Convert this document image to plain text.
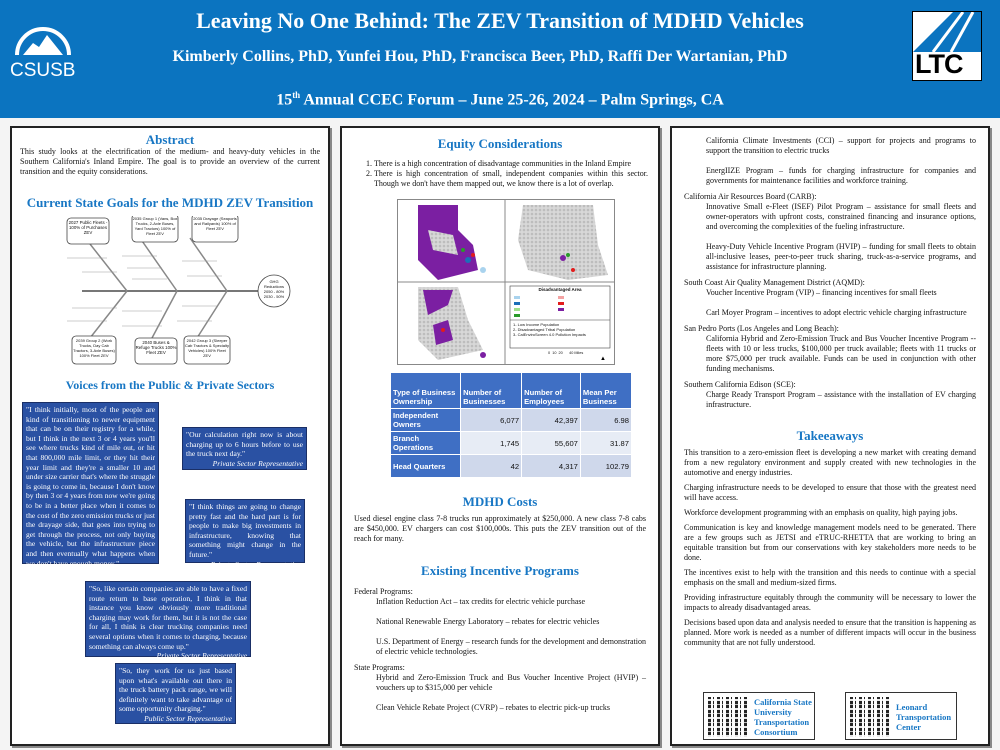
CSUSB
Leaving No One Behind: The ZEV Transition of MDHD Vehicles
Kimberly Collins, PhD, Yunfei Hou, PhD, Francisca Beer, PhD, Raffi Der Wartanian, PhD
15th Annual CCEC Forum – June 25-26, 2024 – Palm Springs, CA
LTC
Abstract
This study looks at the electrification of the medium- and heavy-duty vehicles in the Southern California's Inland Empire. The goal is to provide an overview of the current transition and the equity considerations.
Current State Goals for the MDHD ZEV Transition
2027 Public Fleets - 100% of Purchases ZEV
2035 Group 1 (Vans, Box Trucks, 2-Axle Buses, Yard Tractors) 100% of Fleet ZEV
2035 Drayage (Seaports and Railyards) 100% of Fleet ZEV
2039 Group 2 (Work Trucks, Day Cab Tractors, 3-Axle Buses) 100% Fleet ZEV
2040 Buses & Refuge Trucks 100% Fleet ZEV
2042 Group 3 (Sleeper Cab Tractors & Specialty Vehicles) 100% Fleet ZEV
GHG Reductions 2050 - 80% 2030 - 50%
Voices from the Public & Private Sectors
"I think initially, most of the people are kind of transitioning to newer equipment that can be on their registry for a while, but I think in the next 3 or 4 years you'll see where trucks kind of mile out, or hit that 800,000 mile limit, or they hit their year limit and they're a smaller 10 and under size carrier that's where the struggle is going to come in, because I don't know by then 3 or 4 years from now we're going to be in a better place when it comes to the cost of the zero emission trucks or just the drayage side, that goes into trying to get through the process, not only buying the vehicle, but the infrastructure piece and then eventually what happens when we don't have enough money."
Public Sector Representative
"Our calculation right now is about charging up to 6 hours before to use the truck next day."
Private Sector Representative
"I think things are going to change pretty fast and the hard part is for people to make big investments in infrastructure, knowing that something might change in the future."
Private Sector Representative
"So, like certain companies are able to have a fixed route return to base operation, I think in that instance you know obviously more traditional charging may work for them, but it is not the case for all, I think is clear trucking companies need several options when it comes to charging, because something can always come up."
Private Sector Representative
"So, they work for us just based upon what's available out there in the truck battery pack range, we will definitely want to take advantage of some opportunity charging."
Public Sector Representative
Equity Considerations
1. There is a high concentration of disadvantage communities in the Inland Empire
2. There is high concentration of small, independent companies within this sector. Though we don't have them mapped out, we know there is a lot of overlap.
▲
Disadvantaged Area
1- Low Income Population
2- Disadvantaged Tribal Population
3- CalEnviroScreen 4.0 Pollution Impacts
0  10  20      40 Miles
Type of Business Ownership	Number of Businesses	Number of Employees	Mean Per Business
Independent Owners	6,077	42,397	6.98
Branch Operations	1,745	55,607	31.87
Head Quarters	42	4,317	102.79
MDHD Costs
Used diesel engine class 7-8 trucks run approximately at $250,000. A new class 7-8 cabs are $450,000. EV chargers can cost $100,000s. This puts the ZEV transition out of the reach for many.
Existing Incentive Programs
Federal Programs:
Inflation Reduction Act – tax credits for electric vehicle purchase

National Renewable Energy Laboratory – rebates for electric vehicles

U.S. Department of Energy – research funds for the development and demonstration of electric vehicle technologies.
State Programs:
Hybrid and Zero-Emission Truck and Bus Voucher Incentive Project (HVIP) – vouchers up to $315,000 per vehicle

Clean Vehicle Rebate Project (CVRP) – rebates to electric pick-up trucks
California Climate Investments (CCI) – support for projects and programs to support the transition to electric trucks

EnergIIZE Program – funds for charging infrastructure for companies and governments for maintenance facilities and workforce training.
California Air Resources Board (CARB):
Innovative Small e-Fleet (ISEF) Pilot Program – assistance for small fleets and owner-operators with upfront costs, constrained financing and insurance options, and overcoming the complexities of the fueling infrastructure.

Heavy-Duty Vehicle Incentive Program (HVIP) – funding for small fleets to obtain all-inclusive leases, peer-to-peer truck sharing, truck-as-a-service programs, and assistance for infrastructure planning.
South Coast Air Quality Management District (AQMD):
Voucher Incentive Program (VIP) – financing incentives for small fleets

Carl Moyer Program – incentives to adopt electric vehicle charging infrastructure
San Pedro Ports (Los Angeles and Long Beach):
California Hybrid and Zero-Emission Truck and Bus Voucher Incentive Program -- fleets with 10 or less trucks, $100,000 per truck available; fleets with 11 trucks or more $75,000 per truck available. Funds can be used in conjunction with other funding mechanisms.
Southern California Edison (SCE):
Charge Ready Transport Program – assistance with the installation of EV charging infrastructure.
Takeeaways
This transition to a zero-emission fleet is developing a new market with creating demand from a new regulatory environment and supply created with new technologies in the automotive and energy industries.
Charging infrastructure needs to be developed to ensure that those with the greatest need will have access.
Workforce development programming with an emphasis on quality, high paying jobs.
Communication is key and knowledge management models need to be generated. There are a few groups such as JETSI and eTRUC-RHETTA that are working to bring an equitable transition but from our conservations with key stakeholders more needs to be done.
The incentives exist to help with the transition and this needs to continue with a special emphasis on the small and medium-sized firms.
Providing infrastructure equitably through the community will be necessary to lower the impacts to already disadvantaged areas.
Decisions based upon data and analysis needed to ensure that the transition is happening as planned. More work is needed as a number of different impacts will occur in the business community that are not fully understood.
California State University Transportation Consortium
Leonard Transportation Center
